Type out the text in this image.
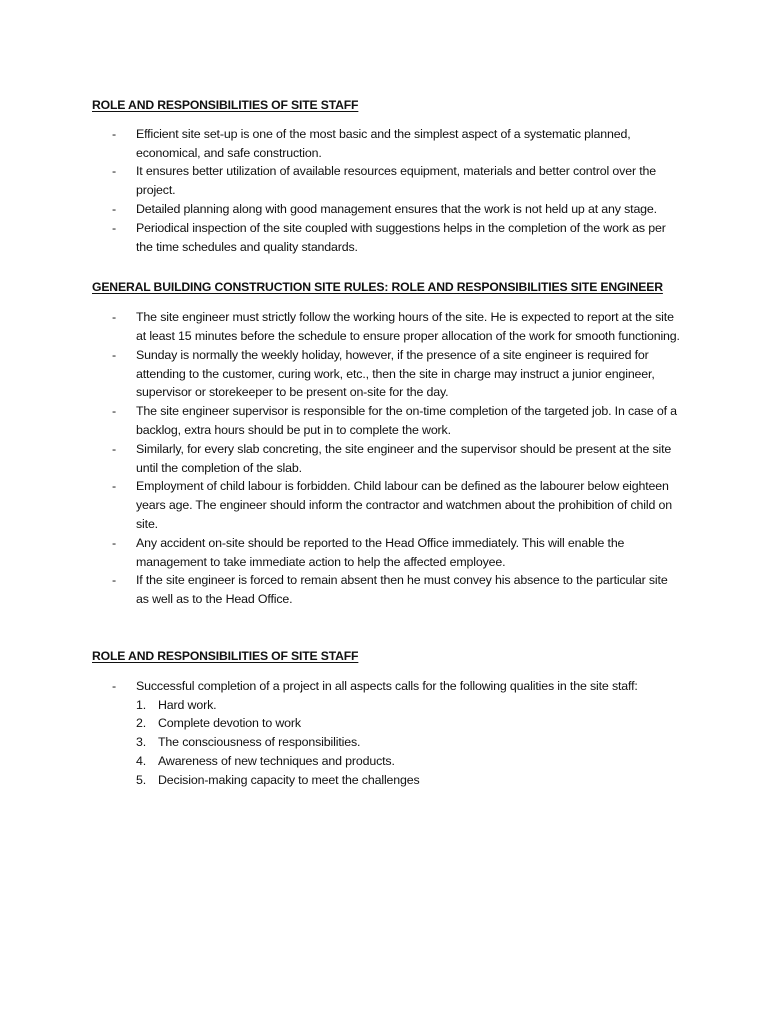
ROLE AND RESPONSIBILITIES OF SITE STAFF

- Efficient site set-up is one of the most basic and the simplest aspect of a systematic planned, economical, and safe construction.
- It ensures better utilization of available resources equipment, materials and better control over the project.
- Detailed planning along with good management ensures that the work is not held up at any stage.
- Periodical inspection of the site coupled with suggestions helps in the completion of the work as per the time schedules and quality standards.

GENERAL BUILDING CONSTRUCTION SITE RULES: ROLE AND RESPONSIBILITIES SITE ENGINEER

- The site engineer must strictly follow the working hours of the site. He is expected to report at the site at least 15 minutes before the schedule to ensure proper allocation of the work for smooth functioning.
- Sunday is normally the weekly holiday, however, if the presence of a site engineer is required for attending to the customer, curing work, etc., then the site in charge may instruct a junior engineer, supervisor or storekeeper to be present on-site for the day.
- The site engineer supervisor is responsible for the on-time completion of the targeted job. In case of a backlog, extra hours should be put in to complete the work.
- Similarly, for every slab concreting, the site engineer and the supervisor should be present at the site until the completion of the slab.
- Employment of child labour is forbidden. Child labour can be defined as the labourer below eighteen years age. The engineer should inform the contractor and watchmen about the prohibition of child on site.
- Any accident on-site should be reported to the Head Office immediately. This will enable the management to take immediate action to help the affected employee.
- If the site engineer is forced to remain absent then he must convey his absence to the particular site as well as to the Head Office.

ROLE AND RESPONSIBILITIES OF SITE STAFF

- Successful completion of a project in all aspects calls for the following qualities in the site staff:
1. Hard work.
2. Complete devotion to work
3. The consciousness of responsibilities.
4. Awareness of new techniques and products.
5. Decision-making capacity to meet the challenges
